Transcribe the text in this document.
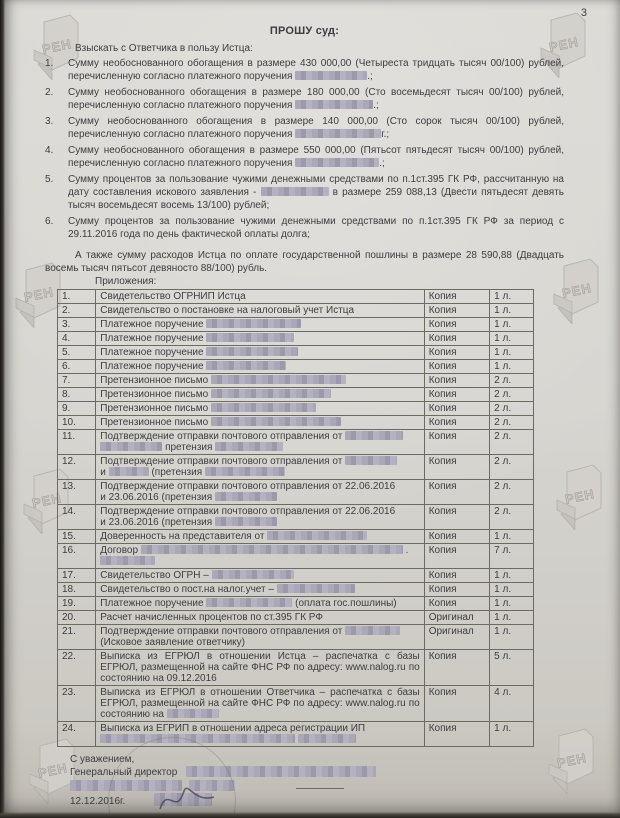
3
ПРОШУ суд:
Взыскать с Ответчика в пользу Истца:
1.	Сумму необоснованного обогащения в размере 430 000,00 (Четыреста тридцать тысяч 00/100) рублей, перечисленную согласно платежного поручения	.;
2.	Сумму необоснованного обогащения в размере 180 000,00 (Сто восемьдесят тысяч 00/100) рублей, перечисленную согласно платежного поручения	.;
3.	Сумму необоснованного обогащения в размере 140 000,00 (Сто сорок тысяч 00/100) рублей, перечисленную согласно платежного поручения	г.;
4.	Сумму необоснованного обогащения в размере 550 000,00 (Пятьсот пятьдесят тысяч 00/100) рублей, перечисленную согласно платежного поручения	.;
5.	Сумму процентов за пользование чужими денежными средствами по п.1ст.395 ГК РФ, рассчитанную на дату составления искового заявления -	в размере 259 088,13 (Двести пятьдесят девять тысяч восемьдесят восемь 13/100) рублей;
6.	Сумму процентов за пользование чужими денежными средствами по п.1ст.395 ГК РФ за период с 29.11.2016 года по день фактической оплаты долга;
А также сумму расходов Истца по оплате государственной пошлины в размере 28 590,88 (Двадцать восемь тысяч пятьсот девяносто 88/100) рубль.
Приложения:
1.	Свидетельство ОГРНИП Истца	Копия	1 л.
2.	Свидетельство о постановке на налоговый учет Истца	Копия	1 л.
3.	Платежное поручение	Копия	1 л.
4.	Платежное поручение	Копия	1 л.
5.	Платежное поручение	Копия	1 л.
6.	Платежное поручение	Копия	1 л.
7.	Претензионное письмо	Копия	2 л.
8.	Претензионное письмо	Копия	2 л.
9.	Претензионное письмо	Копия	2 л.
10.	Претензионное письмо	Копия	2 л.
11.	Подтверждение отправки почтового отправления от
претензия	Копия	2 л.
12.	Подтверждение отправки почтового отправления от
и (претензия	Копия	2 л.
13.	Подтверждение отправки почтового отправления от 22.06.2016
и 23.06.2016 (претензия	Копия	2 л.
14.	Подтверждение отправки почтового отправления от 22.06.2016
и 23.06.2016 (претензия	Копия	2 л.
15.	Доверенность на представителя от	Копия	1 л.
16.	Договор .	Копия	7 л.
17.	Свидетельство ОГРН –	Копия	1 л.
18.	Свидетельство о пост.на налог.учет –	Копия	1 л.
19.	Платежное поручение (оплата гос.пошлины)	Копия	1 л.
20.	Расчет начисленных процентов по ст.395 ГК РФ	Оригинал	1 л.
21.	Подтверждение отправки почтового отправления от
(Исковое заявление ответчику)	Оригинал	1 л.
22.	Выписка из ЕГРЮЛ в отношении Истца – распечатка с базы ЕГРЮЛ, размещенной на сайте ФНС РФ по адресу: www.nalog.ru по состоянию на 09.12.2016	Копия	5 л.
23.	Выписка из ЕГРЮЛ в отношении Ответчика – распечатка с базы ЕГРЮЛ, размещенной на сайте ФНС РФ по адресу: www.nalog.ru по состоянию на	Копия	4 л.
24.	Выписка из ЕГРИП в отношении адреса регистрации ИП	Копия	1 л.
С уважением,
Генеральный директор

12.12.2016г.
